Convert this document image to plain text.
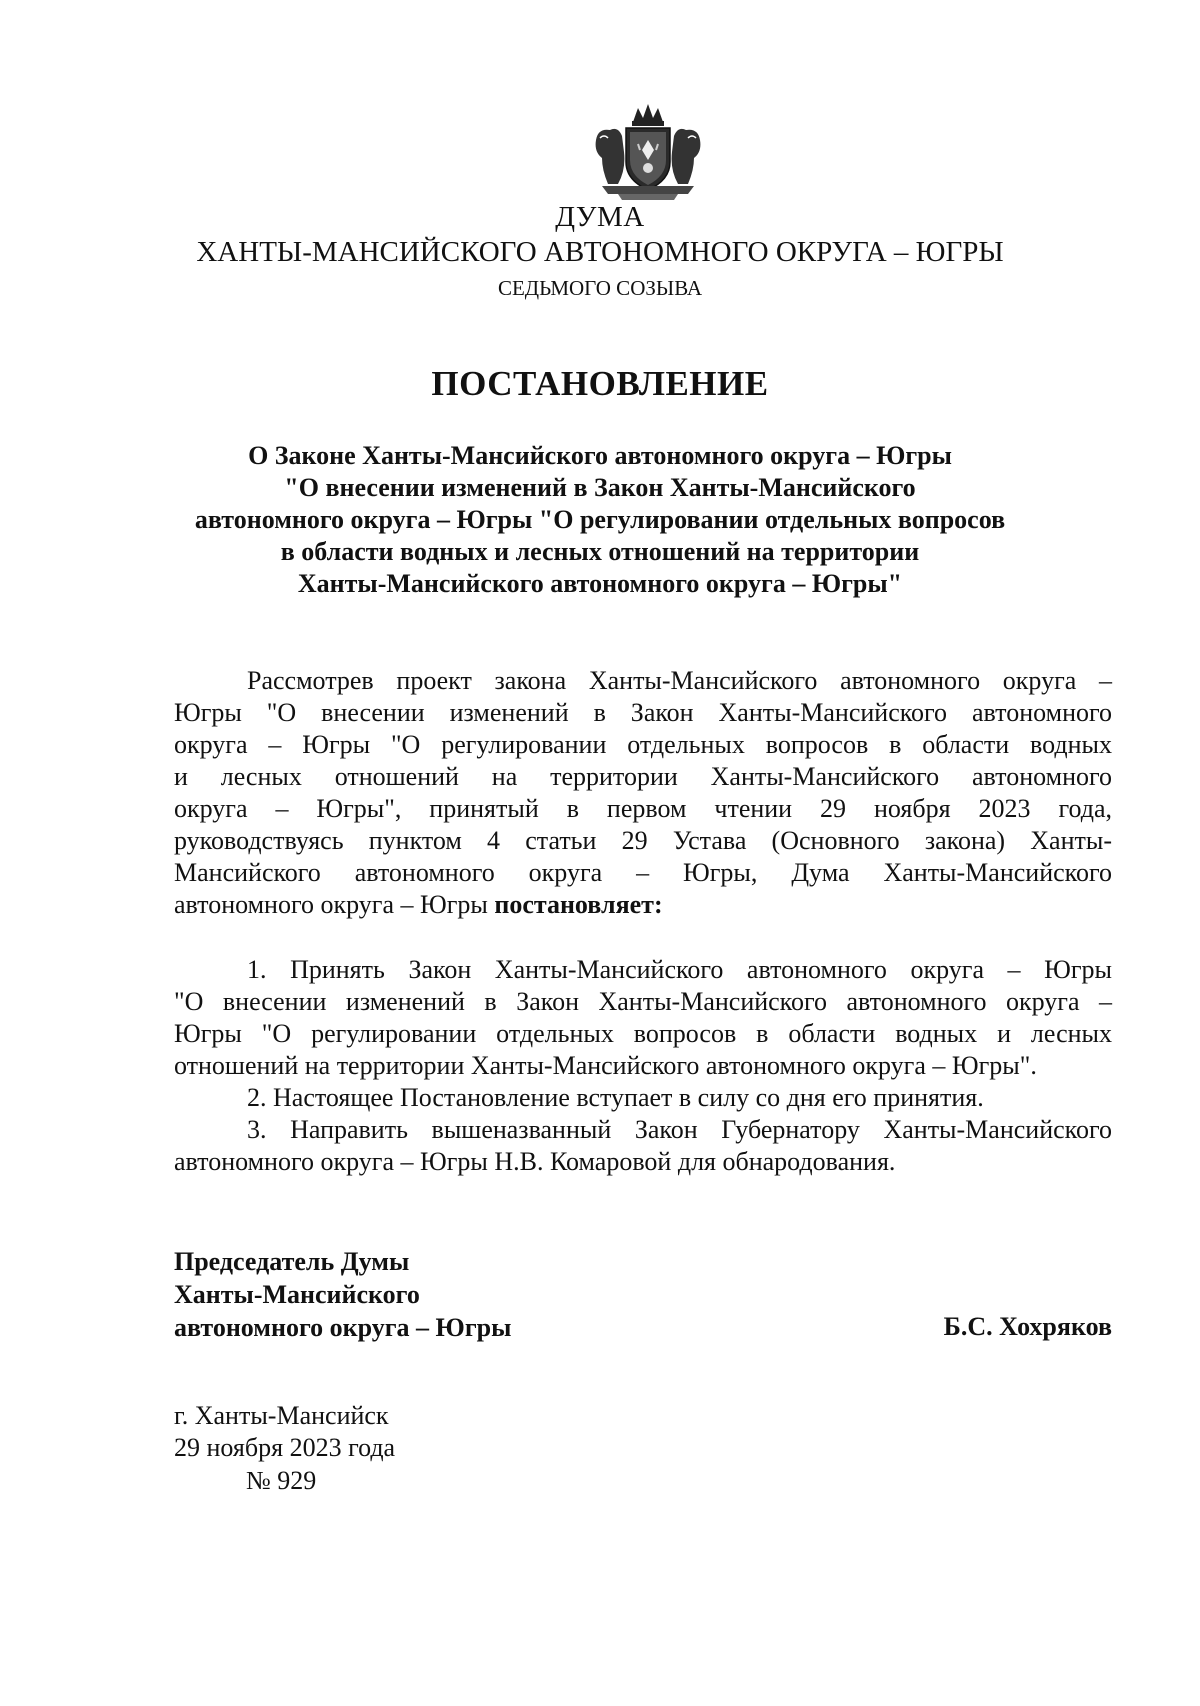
ДУМА
ХАНТЫ-МАНСИЙСКОГО АВТОНОМНОГО ОКРУГА – ЮГРЫ
СЕДЬМОГО СОЗЫВА
ПОСТАНОВЛЕНИЕ
О Законе Ханты-Мансийского автономного округа – Югры
"О внесении изменений в Закон Ханты-Мансийского
автономного округа – Югры "О регулировании отдельных вопросов
в области водных и лесных отношений на территории
Ханты-Мансийского автономного округа – Югры"
Рассмотрев проект закона Ханты-Мансийского автономного округа –
Югры "О внесении изменений в Закон Ханты-Мансийского автономного
округа – Югры "О регулировании отдельных вопросов в области водных
и лесных отношений на территории Ханты-Мансийского автономного
округа – Югры", принятый в первом чтении 29 ноября 2023 года,
руководствуясь пунктом 4 статьи 29 Устава (Основного закона) Ханты-
Мансийского автономного округа – Югры, Дума Ханты-Мансийского
автономного округа – Югры постановляет:
1. Принять Закон Ханты-Мансийского автономного округа – Югры
"О внесении изменений в Закон Ханты-Мансийского автономного округа –
Югры "О регулировании отдельных вопросов в области водных и лесных
отношений на территории Ханты-Мансийского автономного округа – Югры".
2. Настоящее Постановление вступает в силу со дня его принятия.
3. Направить вышеназванный Закон Губернатору Ханты-Мансийского
автономного округа – Югры Н.В. Комаровой для обнародования.
Председатель Думы
Ханты-Мансийского
автономного округа – Югры	Б.С. Хохряков
г. Ханты-Мансийск
29 ноября 2023 года
№ 929
